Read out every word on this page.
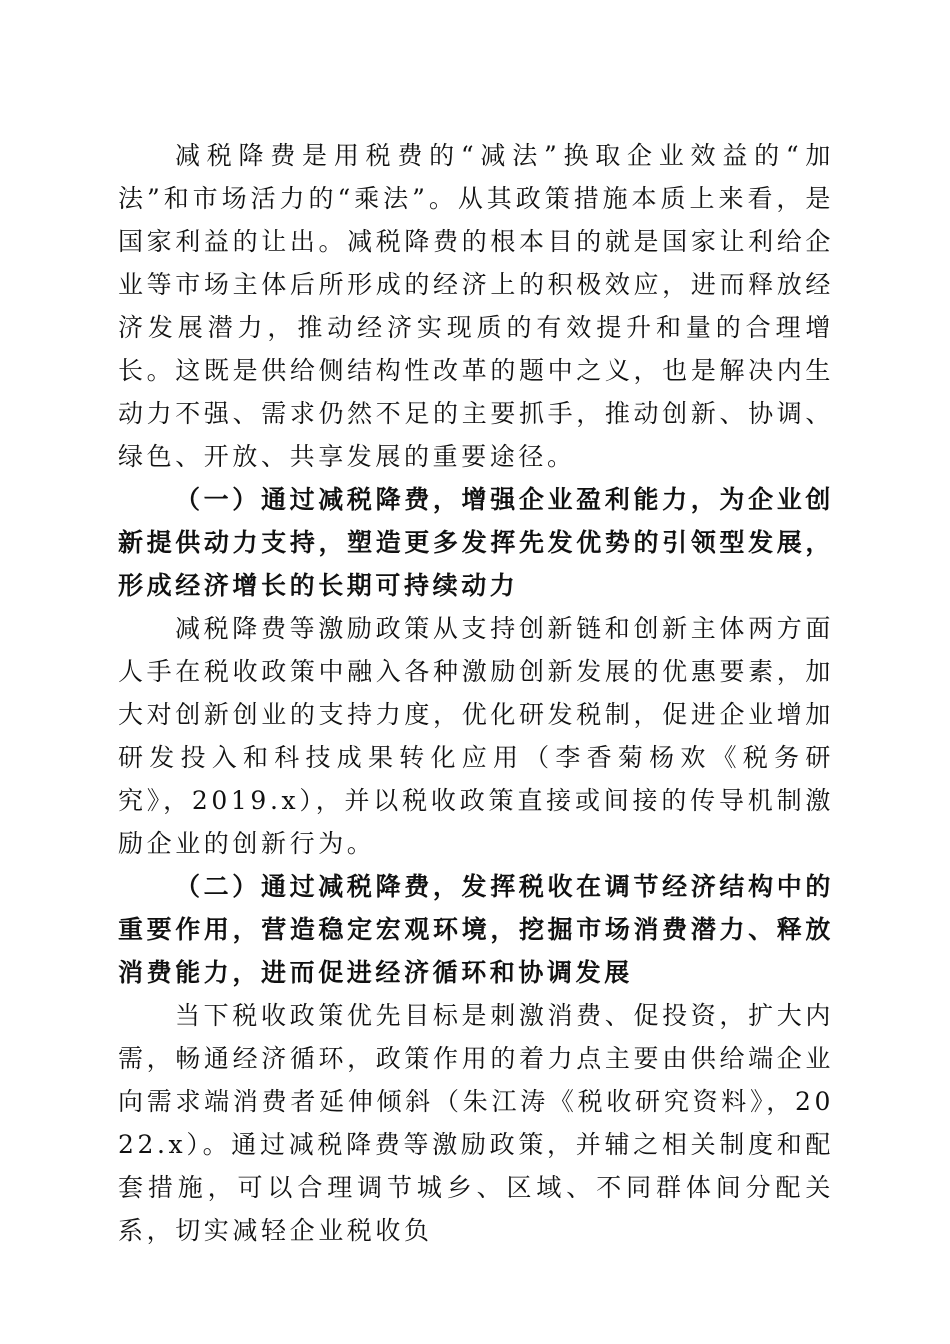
减税降费是用税费的“减法”换取企业效益的“加法”和市场活力的“乘法”。从其政策措施本质上来看，是国家利益的让出。减税降费的根本目的就是国家让利给企业等市场主体后所形成的经济上的积极效应，进而释放经济发展潜力，推动经济实现质的有效提升和量的合理增长。这既是供给侧结构性改革的题中之义，也是解决内生动力不强、需求仍然不足的主要抓手，推动创新、协调、绿色、开放、共享发展的重要途径。

（一）通过减税降费，增强企业盈利能力，为企业创新提供动力支持，塑造更多发挥先发优势的引领型发展，形成经济增长的长期可持续动力

减税降费等激励政策从支持创新链和创新主体两方面人手在税收政策中融入各种激励创新发展的优惠要素，加大对创新创业的支持力度，优化研发税制，促进企业增加研发投入和科技成果转化应用（李香菊杨欢《税务研究》，2019.x），并以税收政策直接或间接的传导机制激励企业的创新行为。

（二）通过减税降费，发挥税收在调节经济结构中的重要作用，营造稳定宏观环境，挖掘市场消费潜力、释放消费能力，进而促进经济循环和协调发展

当下税收政策优先目标是刺激消费、促投资，扩大内需，畅通经济循环，政策作用的着力点主要由供给端企业向需求端消费者延伸倾斜（朱江涛《税收研究资料》，2022.x）。通过减税降费等激励政策，并辅之相关制度和配套措施，可以合理调节城乡、区域、不同群体间分配关系，切实减轻企业税收负
